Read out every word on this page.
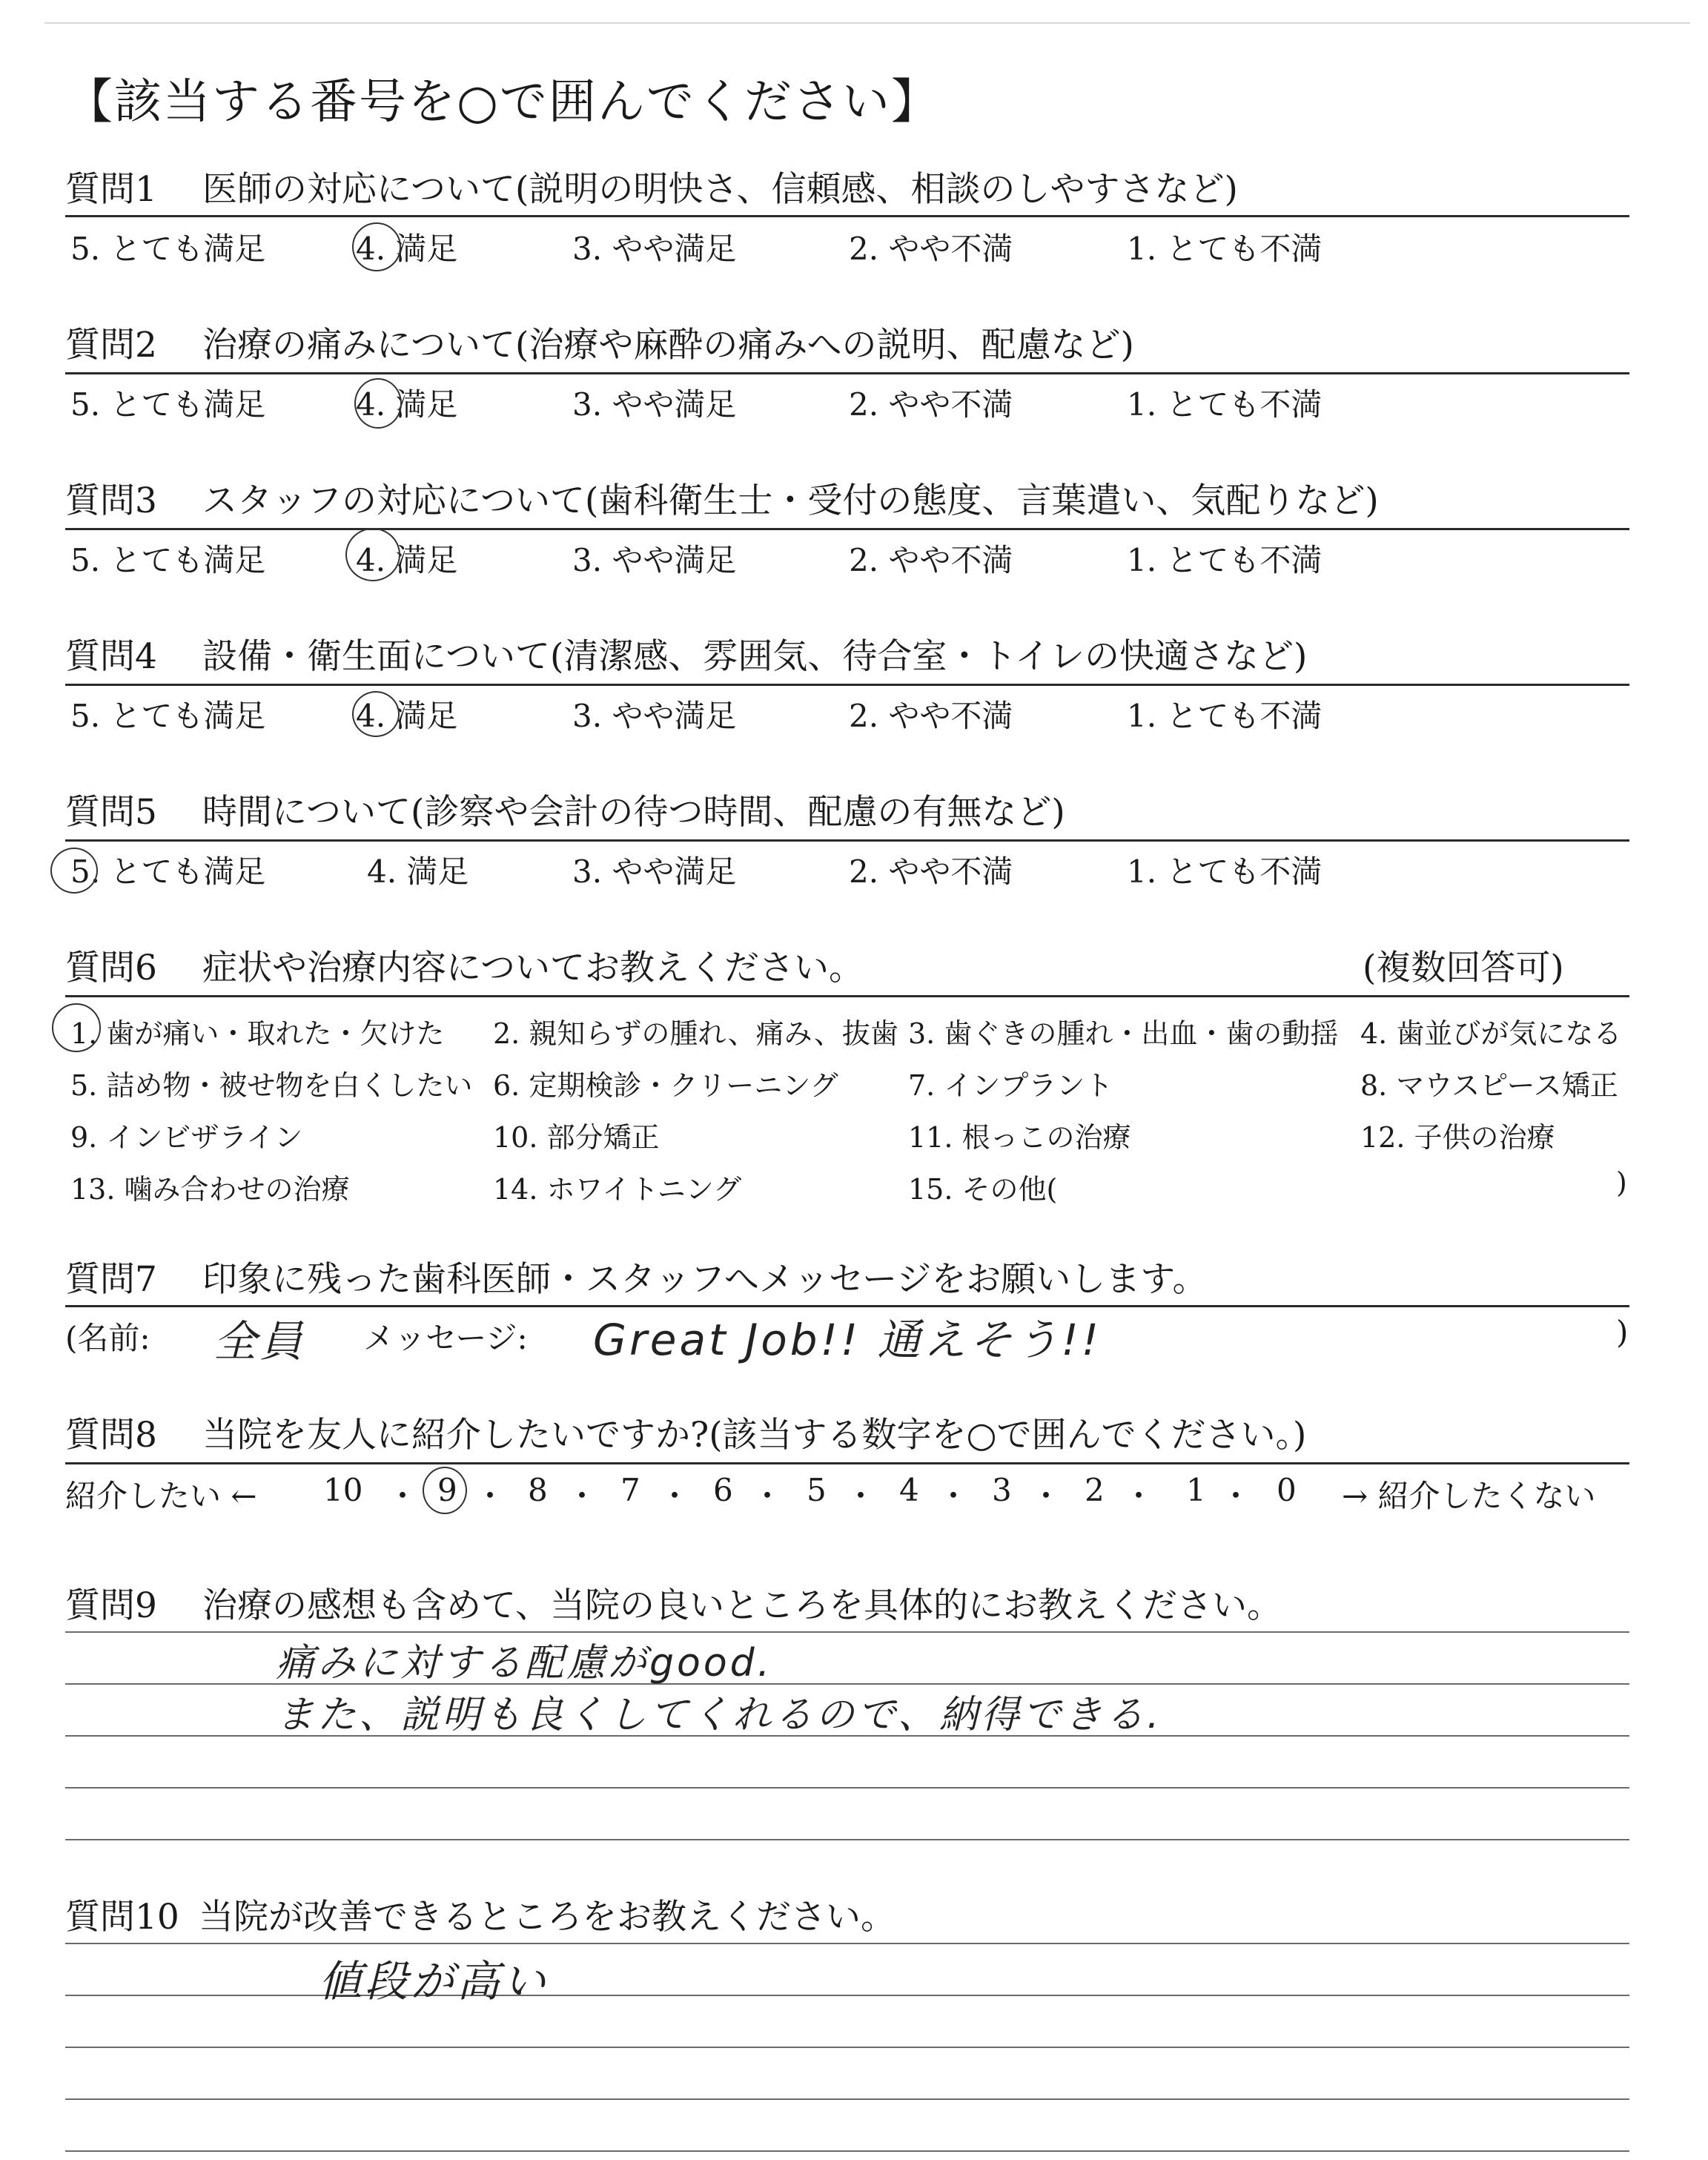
【該当する番号を○で囲んでください】
質問1 医師の対応について(説明の明快さ、信頼感、相談のしやすさなど)
5. とても満足	4. 満足	3. やや満足	2. やや不満	1. とても不満
質問2 治療の痛みについて(治療や麻酔の痛みへの説明、配慮など)
5. とても満足	4. 満足	3. やや満足	2. やや不満	1. とても不満
質問3 スタッフの対応について(歯科衛生士・受付の態度、言葉遣い、気配りなど)
5. とても満足	4. 満足	3. やや満足	2. やや不満	1. とても不満
質問4 設備・衛生面について(清潔感、雰囲気、待合室・トイレの快適さなど)
5. とても満足	4. 満足	3. やや満足	2. やや不満	1. とても不満
質問5 時間について(診察や会計の待つ時間、配慮の有無など)
5. とても満足	4. 満足	3. やや満足	2. やや不満	1. とても不満
質問6 症状や治療内容についてお教えください。	(複数回答可)
1. 歯が痛い・取れた・欠けた 2. 親知らずの腫れ、痛み、抜歯 3. 歯ぐきの腫れ・出血・歯の動揺 4. 歯並びが気になる
5. 詰め物・被せ物を白くしたい 6. 定期検診・クリーニング 7. インプラント	8. マウスピース矯正
9. インビザライン	10. 部分矯正	11. 根っこの治療	12. 子供の治療
13. 噛み合わせの治療	14. ホワイトニング	15. その他(	)
質問7 印象に残った歯科医師・スタッフへメッセージをお願いします。
(名前: 全員 メッセージ: Great Job!! 通えそう!!	)
質問8 当院を友人に紹介したいですか?(該当する数字を○で囲んでください。)
紹介したい ← 10 ・ 9 ・ 8 ・ 7 ・ 6 ・ 5 ・ 4 ・ 3 ・ 2 ・ 1 ・ 0 → 紹介したくない
質問9 治療の感想も含めて、当院の良いところを具体的にお教えください。
痛みに対する配慮がgood.
また、説明も良くしてくれるので、納得できる.
質問10 当院が改善できるところをお教えください。
値段が高い
